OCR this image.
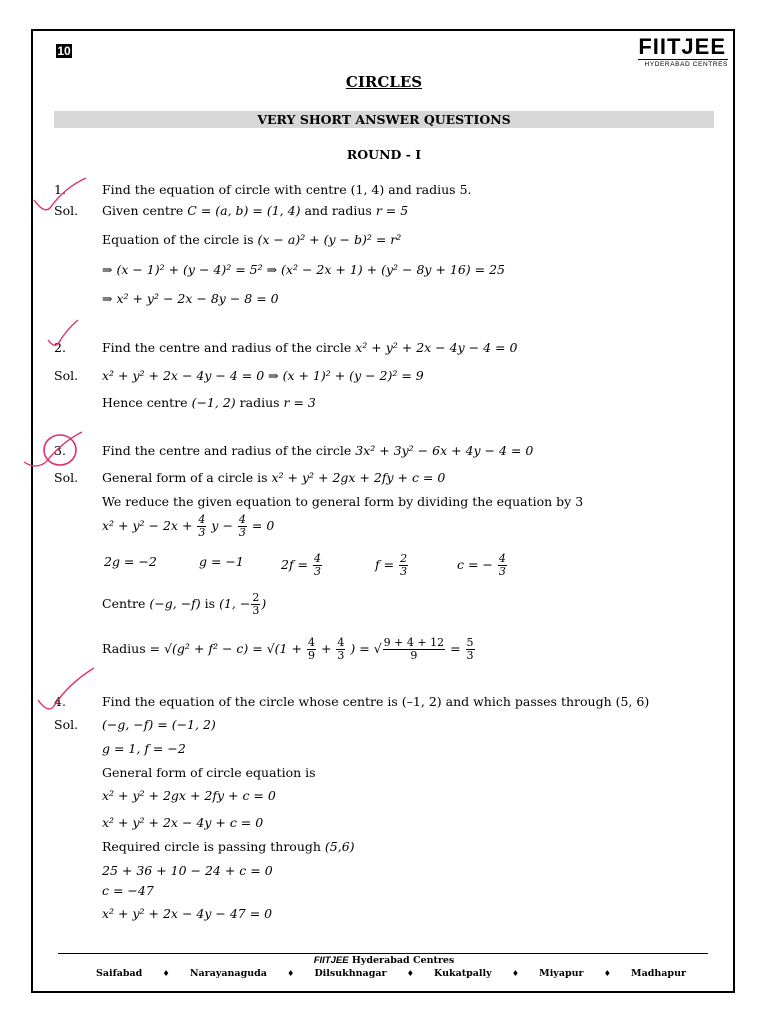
10	FIITJEE
HYDERABAD CENTRES
CIRCLES
VERY SHORT ANSWER QUESTIONS
ROUND - I
1.	Find the equation of circle with centre (1, 4) and radius 5.
Sol. Given centre C = (a, b) = (1, 4) and radius r = 5
Equation of the circle is (x − a)² + (y − b)² = r²
⇒ (x − 1)² + (y − 4)² = 5² ⇒ (x² − 2x + 1) + (y² − 8y + 16) = 25
⇒ x² + y² − 2x − 8y − 8 = 0
2.	Find the centre and radius of the circle x² + y² + 2x − 4y − 4 = 0
Sol. x² + y² + 2x − 4y − 4 = 0 ⇒ (x + 1)² + (y − 2)² = 9
Hence centre (−1, 2) radius r = 3
3.	Find the centre and radius of the circle 3x² + 3y² − 6x + 4y − 4 = 0
Sol. General form of a circle is x² + y² + 2gx + 2fy + c = 0
We reduce the given equation to general form by dividing the equation by 3
$x^2 + y^2 - 2x + \frac{4}{3}$ $y - \frac{4}{3} = 0$
2g = −2	g = −1	$2f = \frac{4}{3}$	$f = \frac{2}{3}$	c = − $\frac{4}{3}$
Centre (−g, −f) is (1, − $\frac{2}{3}$ )
Radius = $√(g^2 + f^2 - c) = √(1 + \frac{4}{9} + \frac{4}{3}$ ) = √ $\frac{9 + 4 + 12}{9} = \frac{5}{3}$
4.	Find the equation of the circle whose centre is (–1, 2) and which passes through (5, 6)
Sol. (−g, −f) = (−1, 2)
g = 1, f = −2
General form of circle equation is
x² + y² + 2gx + 2fy + c = 0
x² + y² + 2x − 4y + c = 0
Required circle is passing through (5,6)
25 + 36 + 10 − 24 + c = 0
c = −47
x² + y² + 2x − 4y − 47 = 0
FIITJEE Hyderabad Centres
Saifabad	♦ Narayanaguda	♦ Dilsukhnagar	♦ Kukatpally	♦ Miyapur	♦ Madhapur
